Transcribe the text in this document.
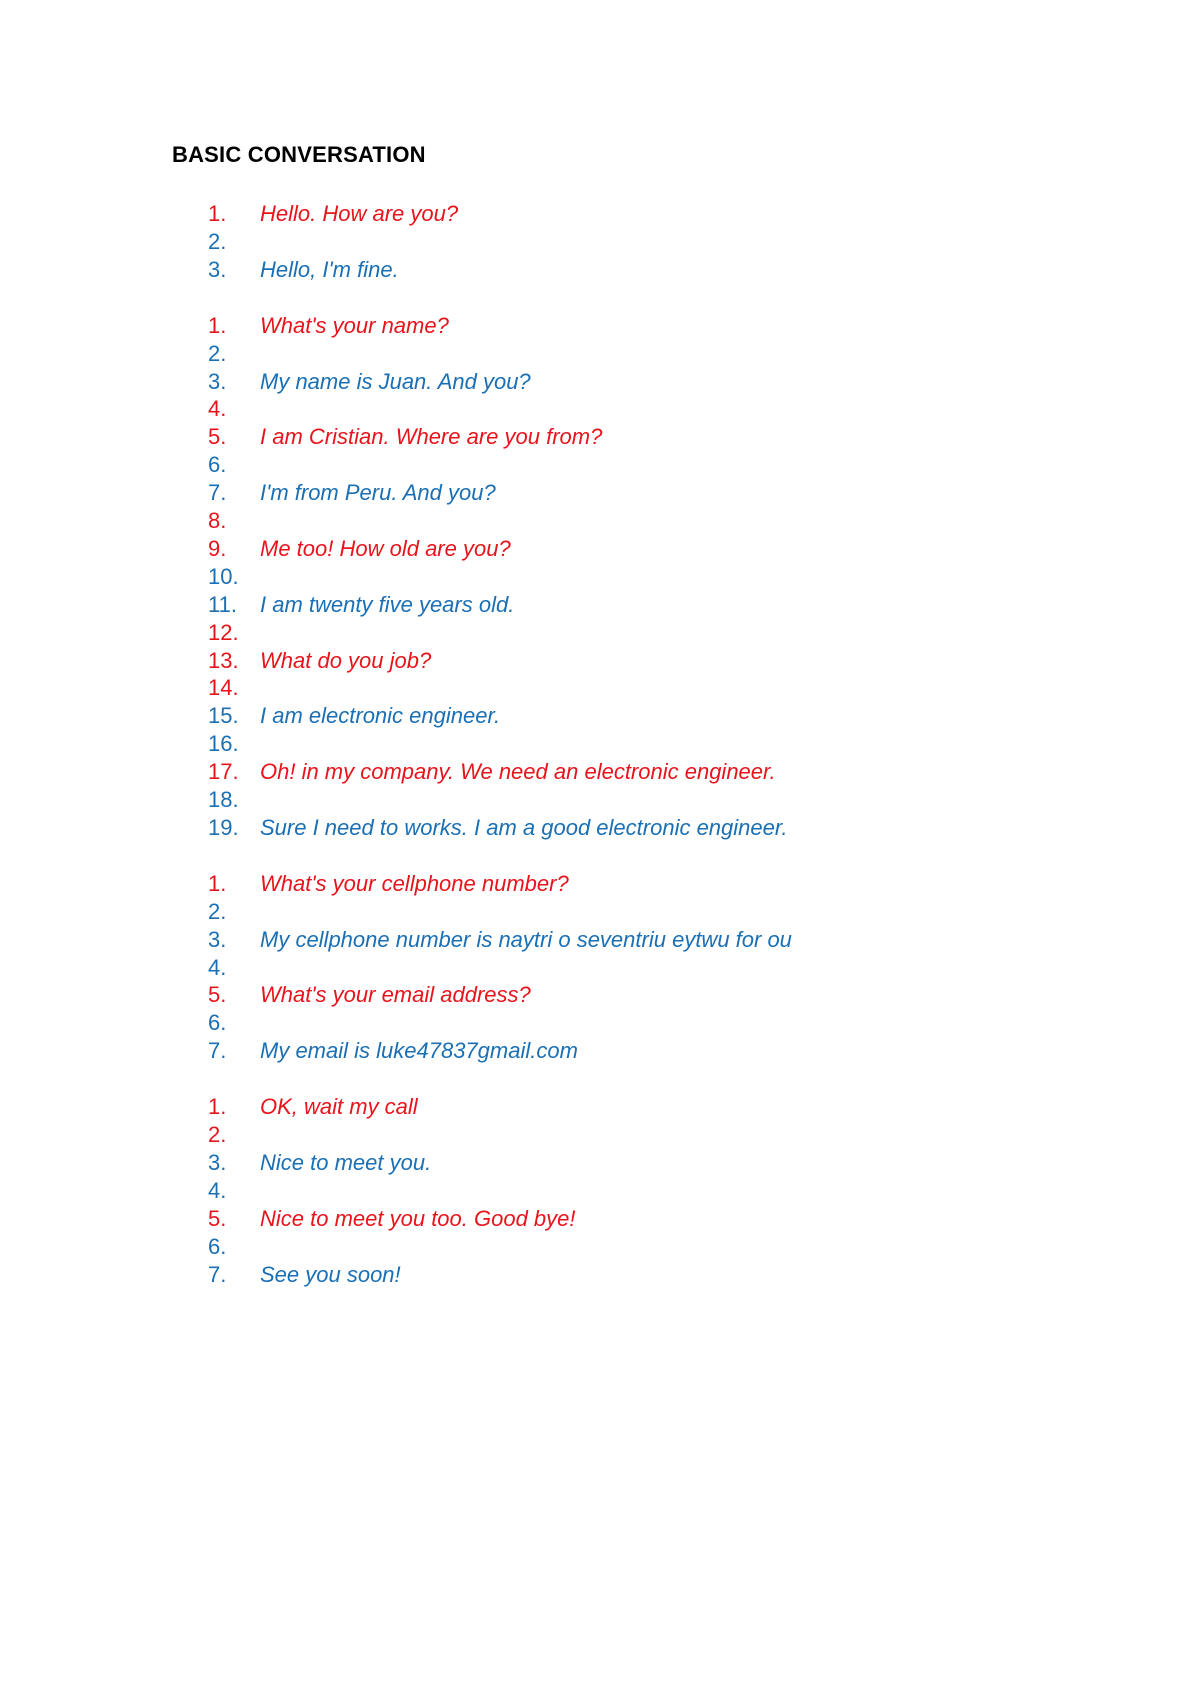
BASIC CONVERSATION
1.	Hello. How are you?
2.
3.	Hello, I'm fine.
1.	What's your name?
2.
3.	My name is Juan. And you?
4.
5.	I am Cristian. Where are you from?
6.
7.	I'm from Peru. And you?
8.
9.	Me too! How old are you?
10.
11.	I am twenty five years old.
12.
13. What do you job?
14.
15. I am electronic engineer.
16.
17. Oh! in my company. We need an electronic engineer.
18.
19. Sure I need to works. I am a good electronic engineer.
1.	What's your cellphone number?
2.
3.	My cellphone number is naytri o seventriu eytwu for ou
4.
5.	What's your email address?
6.
7.	My email is luke47837gmail.com
1.	OK, wait my call
2.
3.	Nice to meet you.
4.
5.	Nice to meet you too. Good bye!
6.
7.	See you soon!
